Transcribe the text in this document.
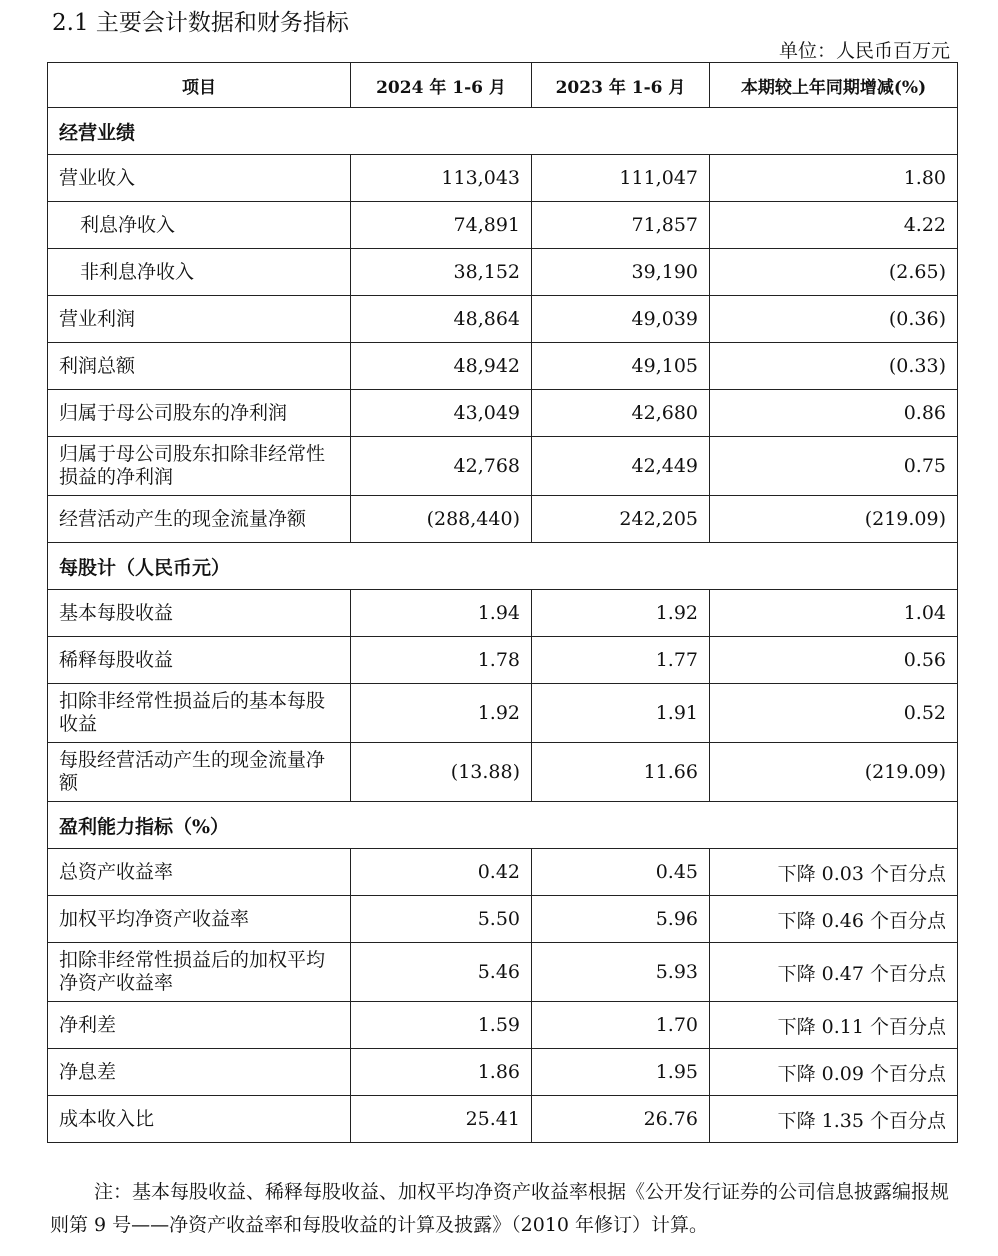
2.1 主要会计数据和财务指标
单位：人民币百万元
项目	2024 年 1-6 月	2023 年 1-6 月	本期较上年同期增减(%)
经营业绩			
营业收入	113,043	111,047	1.80
利息净收入	74,891	71,857	4.22
非利息净收入	38,152	39,190	(2.65)
营业利润	48,864	49,039	(0.36)
利润总额	48,942	49,105	(0.33)
归属于母公司股东的净利润	43,049	42,680	0.86
归属于母公司股东扣除非经常性损益的净利润	42,768	42,449	0.75
经营活动产生的现金流量净额	(288,440)	242,205	(219.09)
每股计（人民币元）			
基本每股收益	1.94	1.92	1.04
稀释每股收益	1.78	1.77	0.56
扣除非经常性损益后的基本每股收益	1.92	1.91	0.52
每股经营活动产生的现金流量净额	(13.88)	11.66	(219.09)
盈利能力指标（%）			
总资产收益率	0.42	0.45	下降 0.03 个百分点
加权平均净资产收益率	5.50	5.96	下降 0.46 个百分点
扣除非经常性损益后的加权平均净资产收益率	5.46	5.93	下降 0.47 个百分点
净利差	1.59	1.70	下降 0.11 个百分点
净息差	1.86	1.95	下降 0.09 个百分点
成本收入比	25.41	26.76	下降 1.35 个百分点
注：基本每股收益、稀释每股收益、加权平均净资产收益率根据《公开发行证券的公司信息披露编报规则第 9 号——净资产收益率和每股收益的计算及披露》（2010 年修订）计算。
